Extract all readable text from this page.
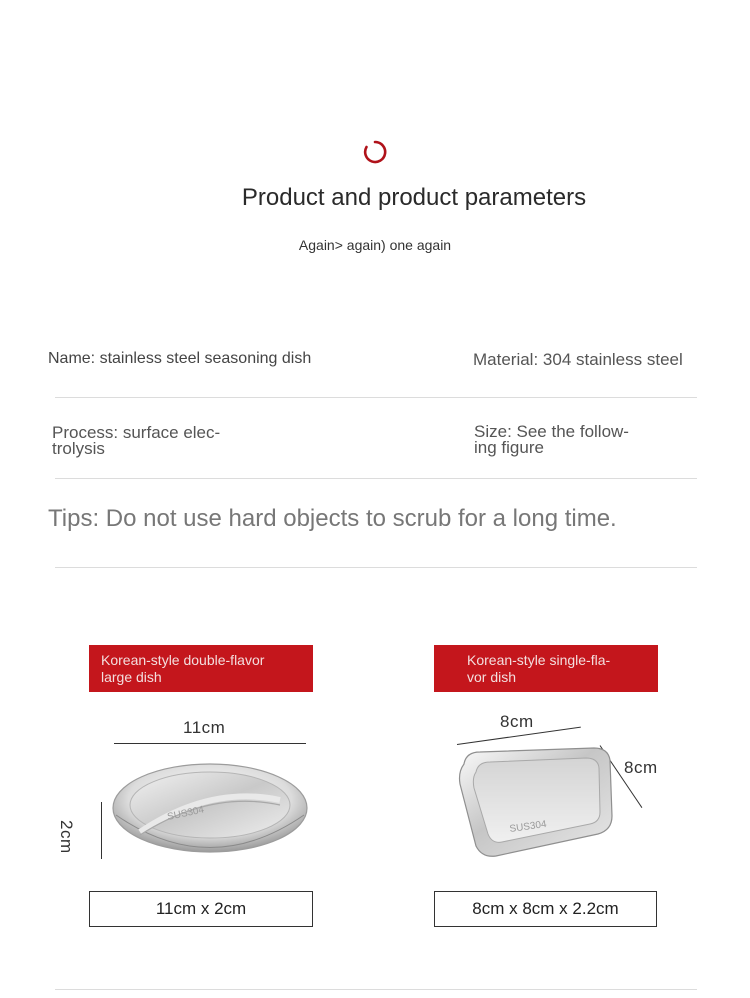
Product and product parameters
Again> again) one again
Name: stainless steel seasoning dish	Material: 304 stainless steel
Process: surface elec-
trolysis
Size: See the follow-
ing figure
Tips: Do not use hard objects to scrub for a long time.
Korean-style double-flavor
large dish
11cm
2cm
SUS304
11cm x 2cm
Korean-style single-fla-
vor dish
8cm
8cm
SUS304
8cm x 8cm x 2.2cm
